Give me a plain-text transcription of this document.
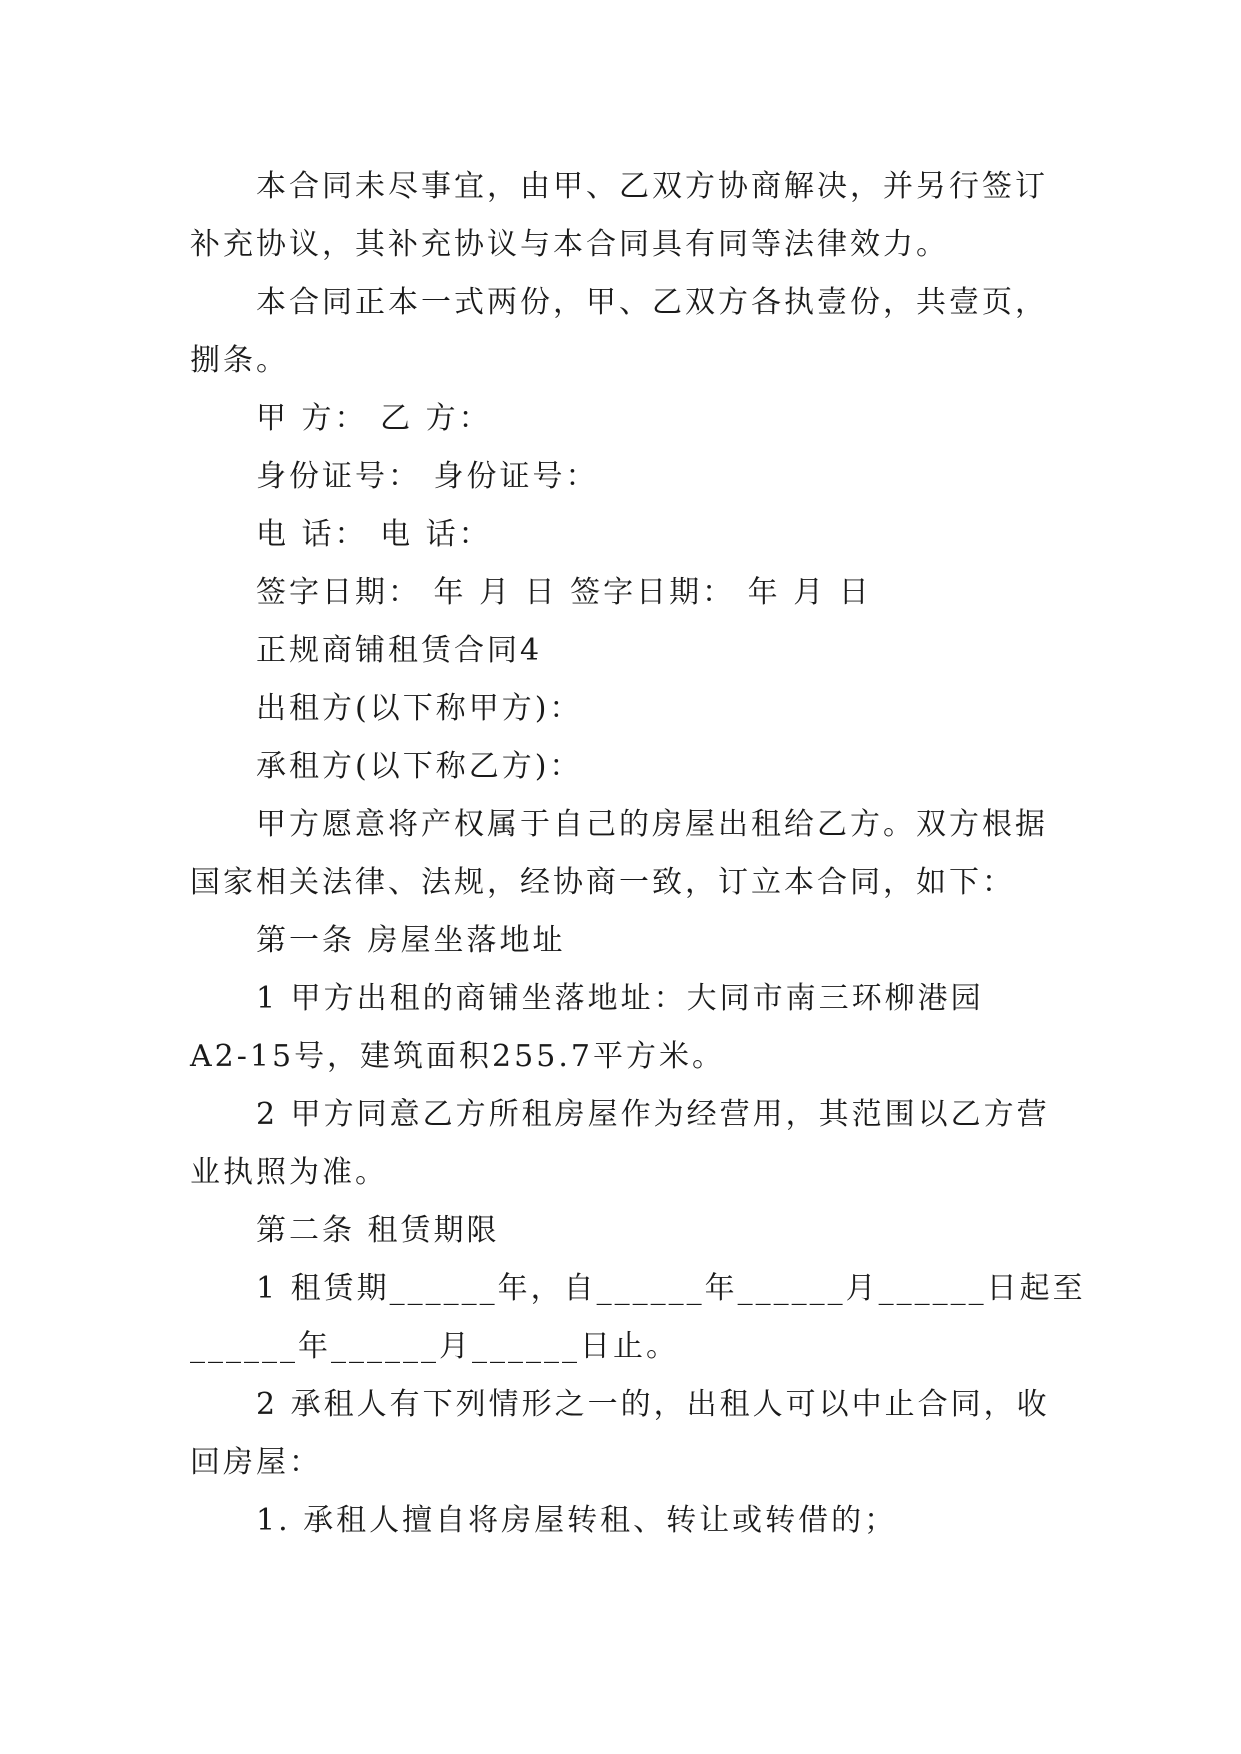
本合同未尽事宜，由甲、乙双方协商解决，并另行签订
补充协议，其补充协议与本合同具有同等法律效力。
本合同正本一式两份，甲、乙双方各执壹份，共壹页，
捌条。
甲 方： 乙 方：
身份证号： 身份证号：
电 话： 电 话：
签字日期： 年 月 日 签字日期： 年 月 日
正规商铺租赁合同4
出租方(以下称甲方)：
承租方(以下称乙方)：
甲方愿意将产权属于自己的房屋出租给乙方。双方根据
国家相关法律、法规，经协商一致，订立本合同，如下：
第一条 房屋坐落地址
1 甲方出租的商铺坐落地址：大同市南三环柳港园
A2-15号，建筑面积255.7平方米。
2 甲方同意乙方所租房屋作为经营用，其范围以乙方营
业执照为准。
第二条 租赁期限
1 租赁期______年，自______年______月______日起至
______年______月______日止。
2 承租人有下列情形之一的，出租人可以中止合同，收
回房屋：
1. 承租人擅自将房屋转租、转让或转借的；
